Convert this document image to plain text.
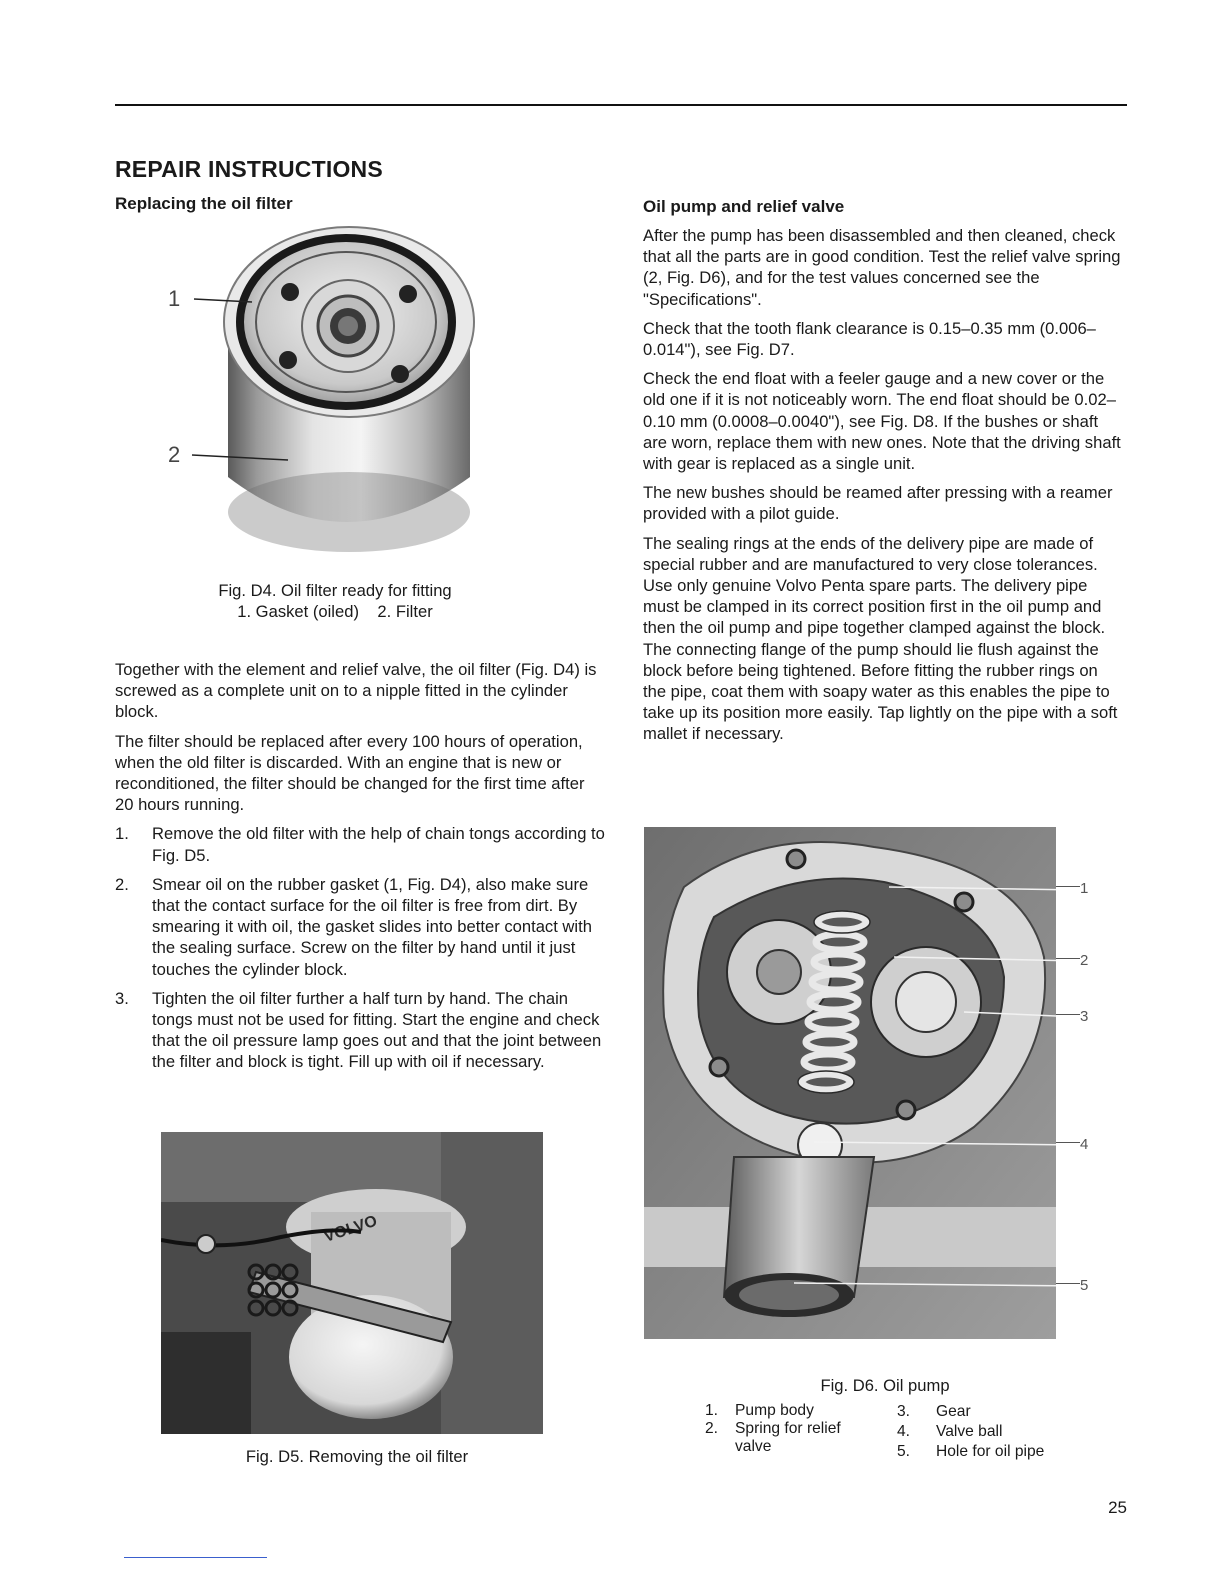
REPAIR INSTRUCTIONS
Replacing the oil filter	Oil pump and relief valve
1
2
Fig. D4. Oil filter ready for fitting
1. Gasket (oiled)    2. Filter

Together with the element and relief valve, the oil filter (Fig. D4) is screwed as a complete unit on to a nipple fitted in the cylinder block.

The filter should be replaced after every 100 hours of operation, when the old filter is discarded. With an engine that is new or reconditioned, the filter should be changed for the first time after 20 hours running.

1. Remove the old filter with the help of chain tongs according to Fig. D5.
2. Smear oil on the rubber gasket (1, Fig. D4), also make sure that the contact surface for the oil filter is free from dirt. By smearing it with oil, the gasket slides into better contact with the sealing surface. Screw on the filter by hand until it just touches the cylinder block.
3. Tighten the oil filter further a half turn by hand. The chain tongs must not be used for fitting. Start the engine and check that the oil pressure lamp goes out and that the joint between the filter and block is tight. Fill up with oil if necessary.
VOLVO
Fig. D5. Removing the oil filter

After the pump has been disassembled and then cleaned, check that all the parts are in good condition. Test the relief valve spring (2, Fig. D6), and for the test values concerned see the "Specifications".

Check that the tooth flank clearance is 0.15–0.35 mm (0.006–0.014"), see Fig. D7.

Check the end float with a feeler gauge and a new cover or the old one if it is not noticeably worn. The end float should be 0.02–0.10 mm (0.0008–0.0040"), see Fig. D8. If the bushes or shaft are worn, replace them with new ones. Note that the driving shaft with gear is replaced as a single unit.

The new bushes should be reamed after pressing with a reamer provided with a pilot guide.

The sealing rings at the ends of the delivery pipe are made of special rubber and are manufactured to very close tolerances. Use only genuine Volvo Penta spare parts. The delivery pipe must be clamped in its correct position first in the oil pump and then the oil pump and pipe together clamped against the block. The connecting flange of the pump should lie flush against the block before being tightened. Before fitting the rubber rings on the pipe, coat them with soapy water as this enables the pipe to take up its position more easily. Tap lightly on the pipe with a soft mallet if necessary.

1
2
3
4
5
Fig. D6. Oil pump
1.	Pump body
2.	Spring for relief valve
3.	Gear
4.	Valve ball
5.	Hole for oil pipe
25
